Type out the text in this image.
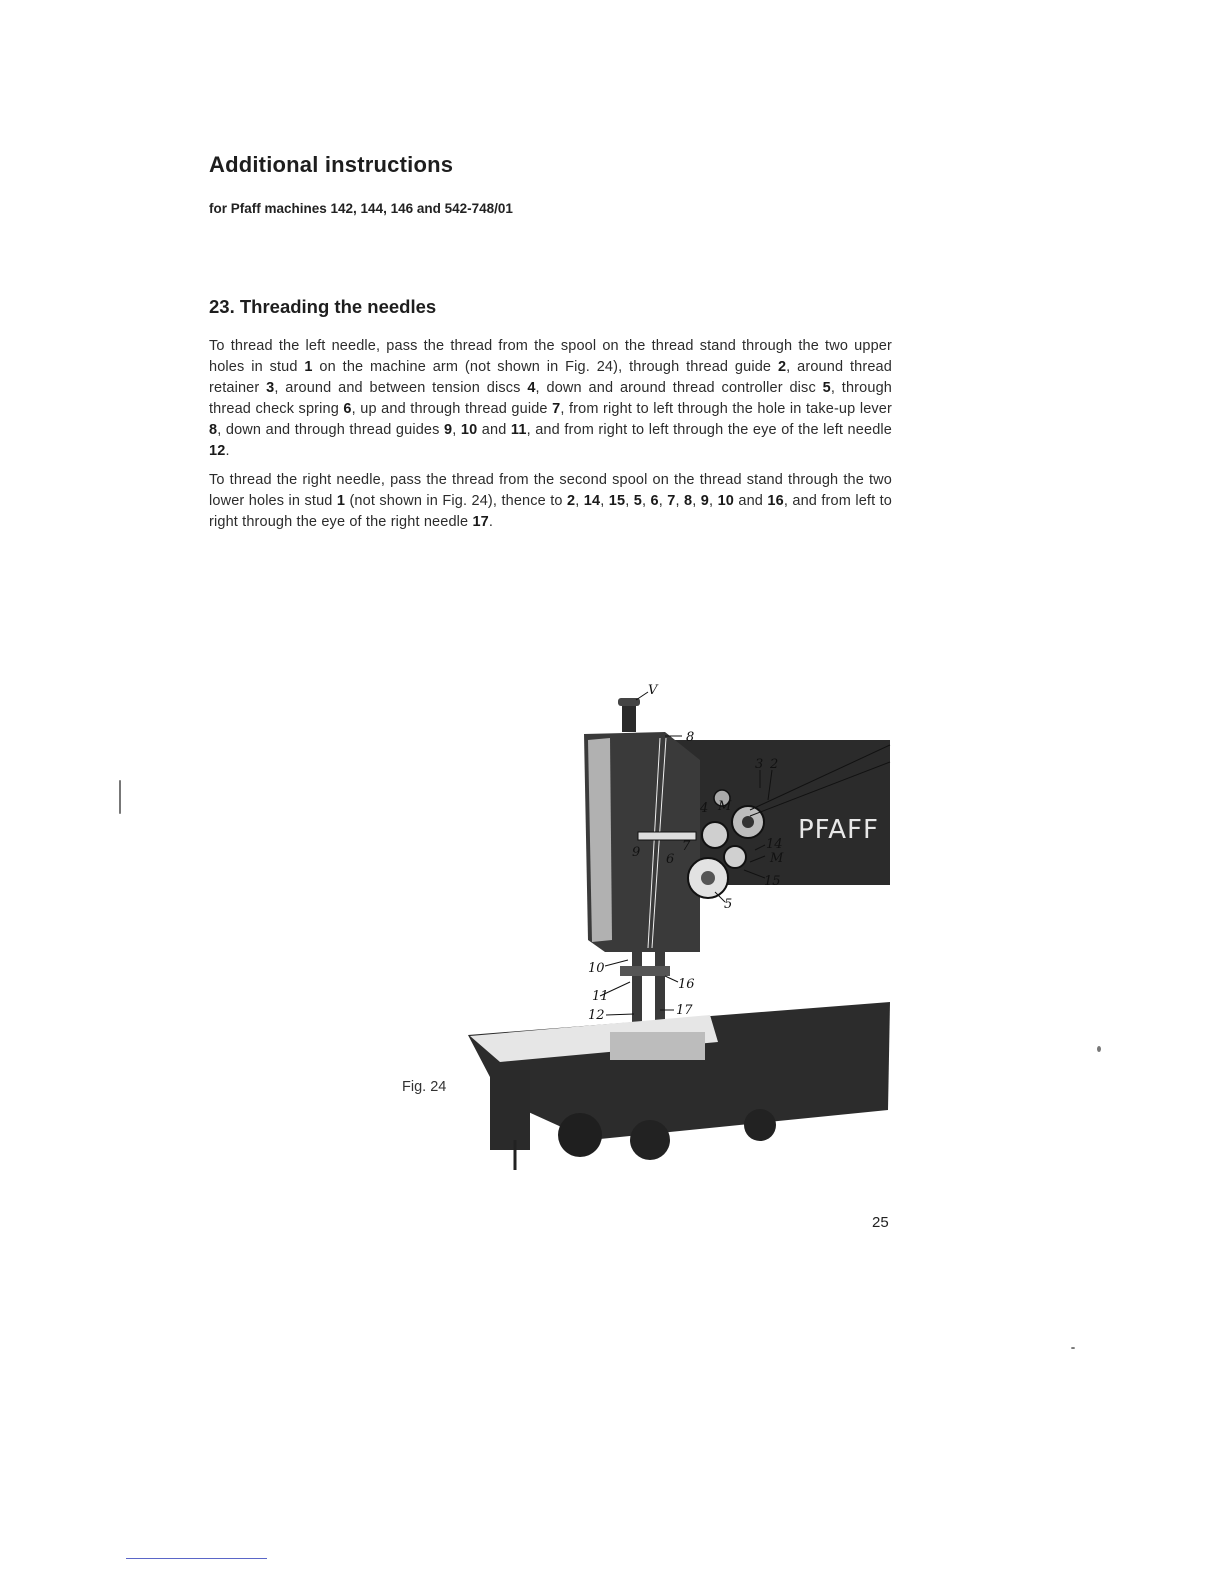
Additional instructions

for Pfaff machines 142, 144, 146 and 542-748/01

23. Threading the needles

To thread the left needle, pass the thread from the spool on the thread stand through the two upper holes in stud 1 on the machine arm (not shown in Fig. 24), through thread guide 2, around thread retainer 3, around and between tension discs 4, down and around thread controller disc 5, through thread check spring 6, up and through thread guide 7, from right to left through the hole in take-up lever 8, down and through thread guides 9, 10 and 11, and from right to left through the eye of the left needle 12.

To thread the right needle, pass the thread from the second spool on the thread stand through the two lower holes in stud 1 (not shown in Fig. 24), thence to 2, 14, 15, 5, 6, 7, 8, 9, 10 and 16, and from left to right through the eye of the right needle 17.

Fig. 24

PFAFF
V
8
3 2
4 M
7	14
9 6	M
15
5
10
16
11
17
12

25
